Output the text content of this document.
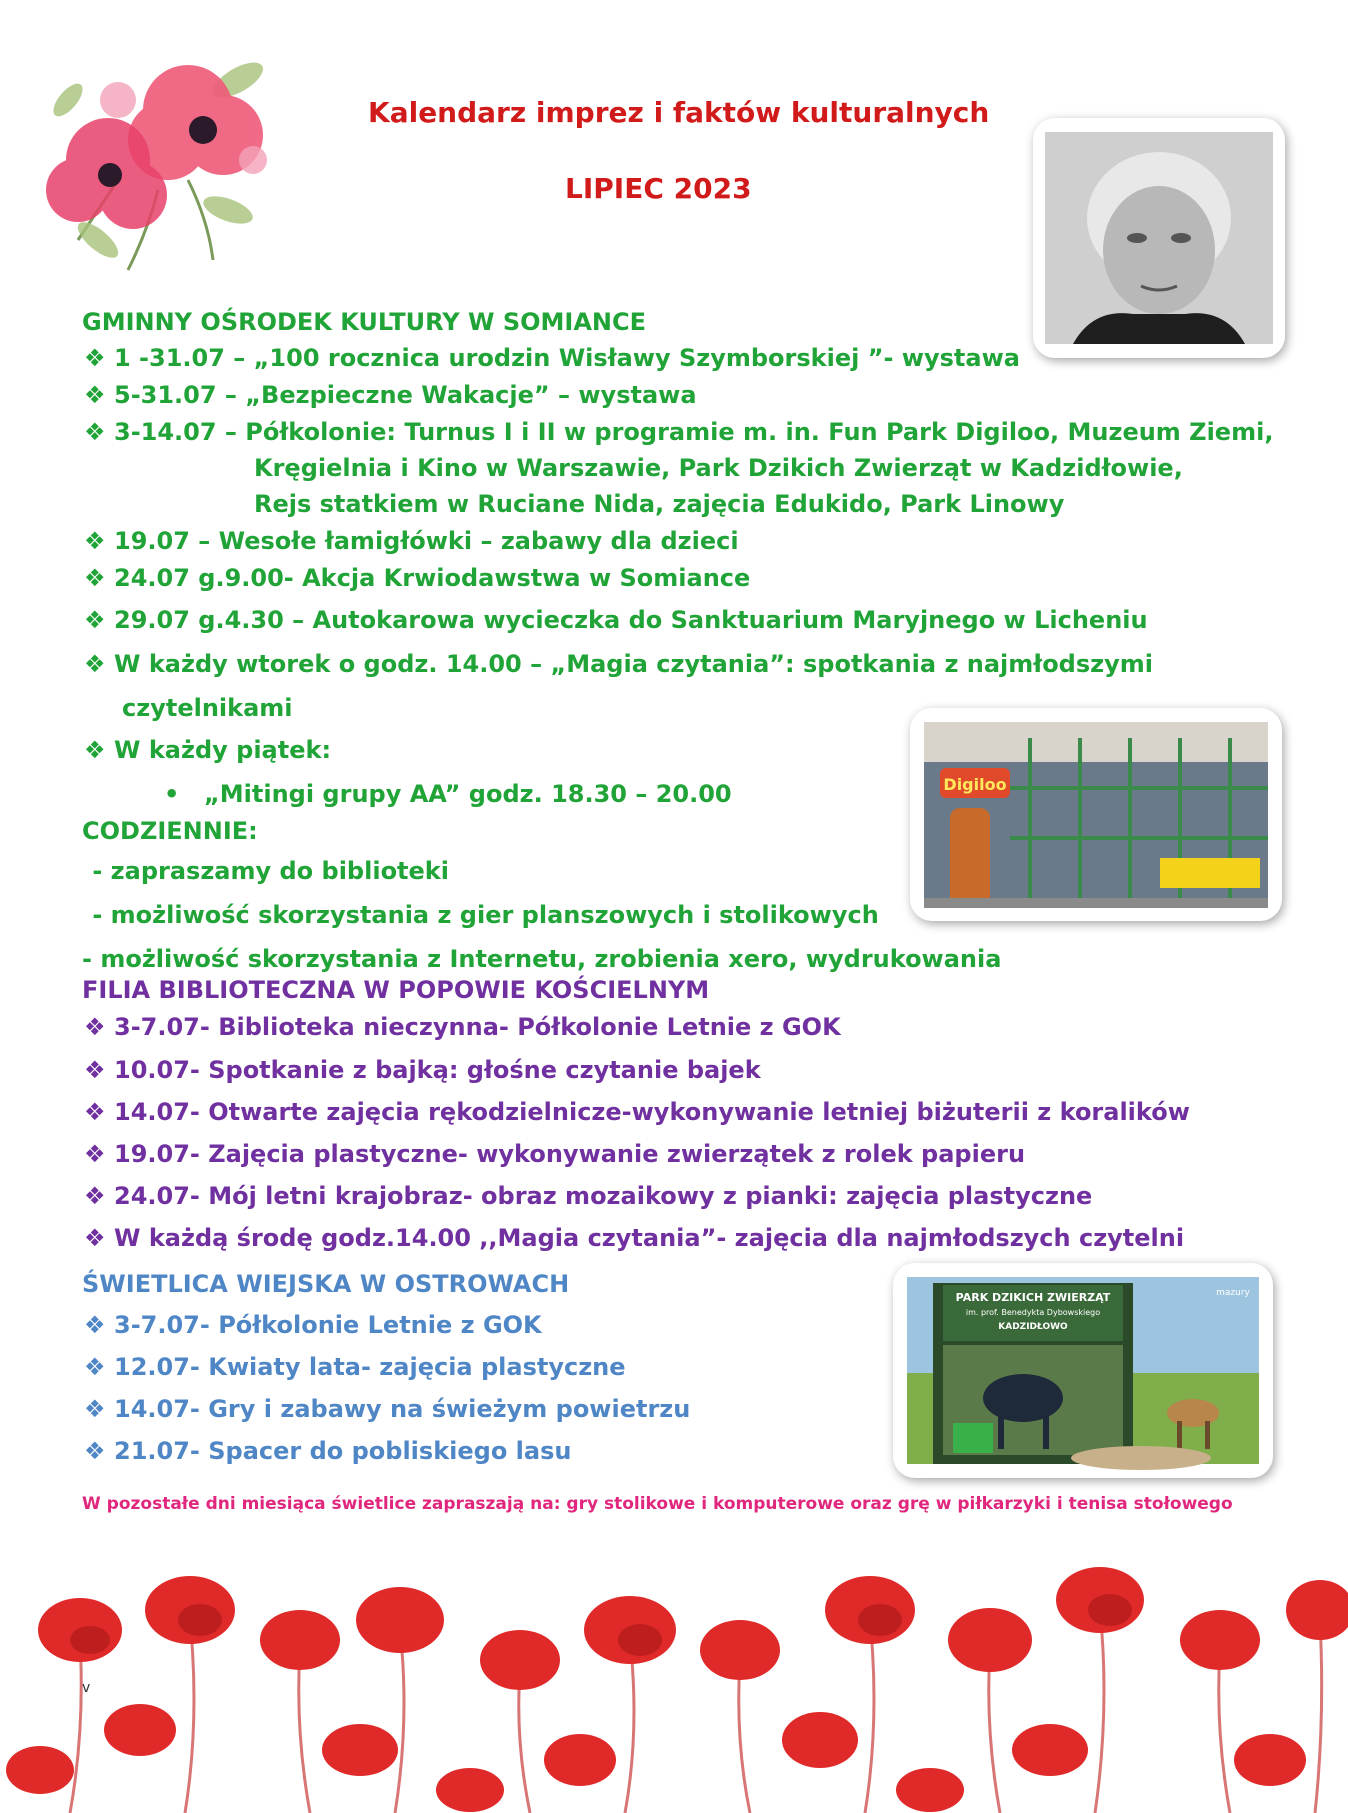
Kalendarz imprez i faktów kulturalnych
LIPIEC 2023
GMINNY OŚRODEK KULTURY W SOMIANCE
❖ 1 -31.07 – „100 rocznica urodzin Wisławy Szymborskiej ”- wystawa
❖ 5-31.07 – „Bezpieczne Wakacje” – wystawa
❖ 3-14.07 – Półkolonie: Turnus I i II w programie m. in. Fun Park Digiloo, Muzeum Ziemi,
Kręgielnia i Kino w Warszawie, Park Dzikich Zwierząt w Kadzidłowie,
Rejs statkiem w Ruciane Nida, zajęcia Edukido, Park Linowy
❖ 19.07 – Wesołe łamigłówki – zabawy dla dzieci
❖ 24.07 g.9.00- Akcja Krwiodawstwa w Somiance
❖ 29.07 g.4.30 – Autokarowa wycieczka do Sanktuarium Maryjnego w Licheniu
❖ W każdy wtorek o godz. 14.00 – „Magia czytania”: spotkania z najmłodszymi
czytelnikami
❖ W każdy piątek:
• „Mitingi grupy AA” godz. 18.30 – 20.00
CODZIENNIE:
- zapraszamy do biblioteki
- możliwość skorzystania z gier planszowych i stolikowych
- możliwość skorzystania z Internetu, zrobienia xero, wydrukowania
Digiloo
FILIA BIBLIOTECZNA W POPOWIE KOŚCIELNYM
❖ 3-7.07- Biblioteka nieczynna- Półkolonie Letnie z GOK
❖ 10.07- Spotkanie z bajką: głośne czytanie bajek
❖ 14.07- Otwarte zajęcia rękodzielnicze-wykonywanie letniej biżuterii z koralików
❖ 19.07- Zajęcia plastyczne- wykonywanie zwierzątek z rolek papieru
❖ 24.07- Mój letni krajobraz- obraz mozaikowy z pianki: zajęcia plastyczne
❖ W każdą środę godz.14.00 ,,Magia czytania”- zajęcia dla najmłodszych czytelni
ŚWIETLICA WIEJSKA W OSTROWACH
❖ 3-7.07- Półkolonie Letnie z GOK
❖ 12.07- Kwiaty lata- zajęcia plastyczne
❖ 14.07- Gry i zabawy na świeżym powietrzu
❖ 21.07- Spacer do pobliskiego lasu
PARK DZIKICH ZWIERZĄT
im. prof. Benedykta Dybowskiego
KADZIDŁOWO
mazury
W pozostałe dni miesiąca świetlice zapraszają na: gry stolikowe i komputerowe oraz grę w piłkarzyki i tenisa stołowego
v
